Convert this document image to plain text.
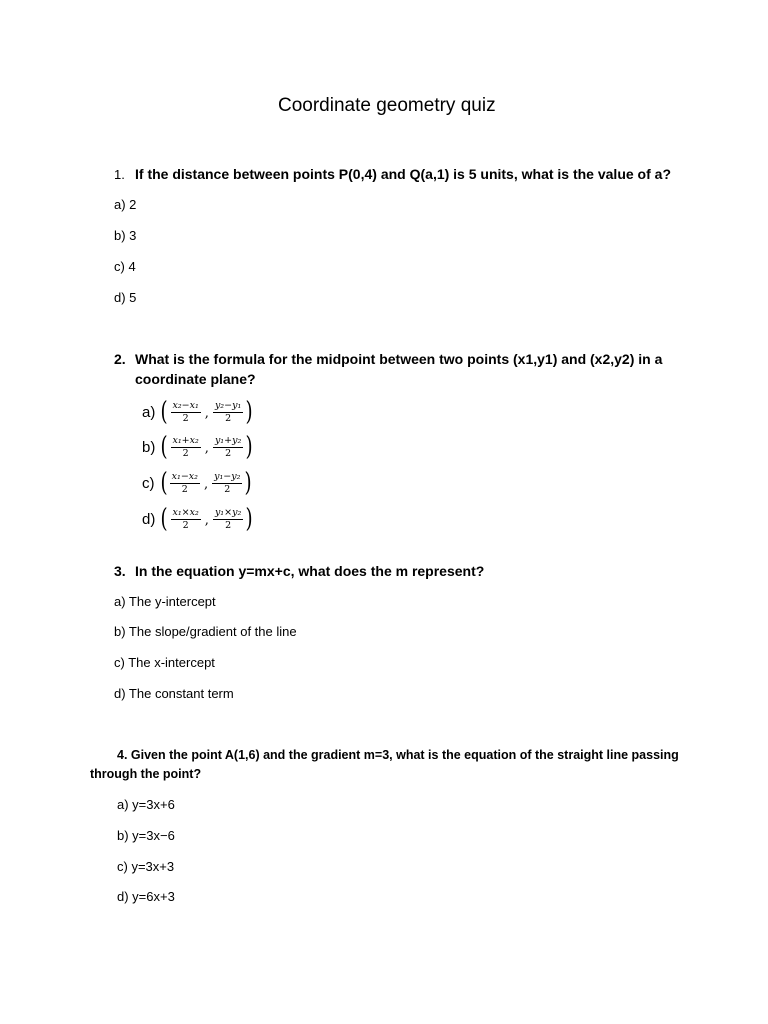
Coordinate geometry quiz
1. If the distance between points P(0,4) and Q(a,1) is 5 units, what is the value of a?
a) 2
b) 3
c) 4
d) 5
2. What is the formula for the midpoint between two points (x1,y1) and (x2,y2) in a
coordinate plane?
a) ( $\frac{\text{x₂−x₁}}{2}$ , $\frac{\text{y₂−y₁}}{2}$ )
b) ( $\frac{\text{x₁+x₂}}{2}$ , $\frac{\text{y₁+y₂}}{2}$ )
c) ( $\frac{\text{x₁−x₂}}{2}$ , $\frac{\text{y₁−y₂}}{2}$ )
d) ( $\frac{\text{x₁×x₂}}{2}$ , $\frac{\text{y₁×y₂}}{2}$ )
3. In the equation y=mx+c, what does the m represent?
a) The y-intercept
b) The slope/gradient of the line
c) The x-intercept
d) The constant term
4. Given the point A(1,6) and the gradient m=3, what is the equation of the straight line passing
through the point?
a) y=3x+6
b) y=3x−6
c) y=3x+3
d) y=6x+3
